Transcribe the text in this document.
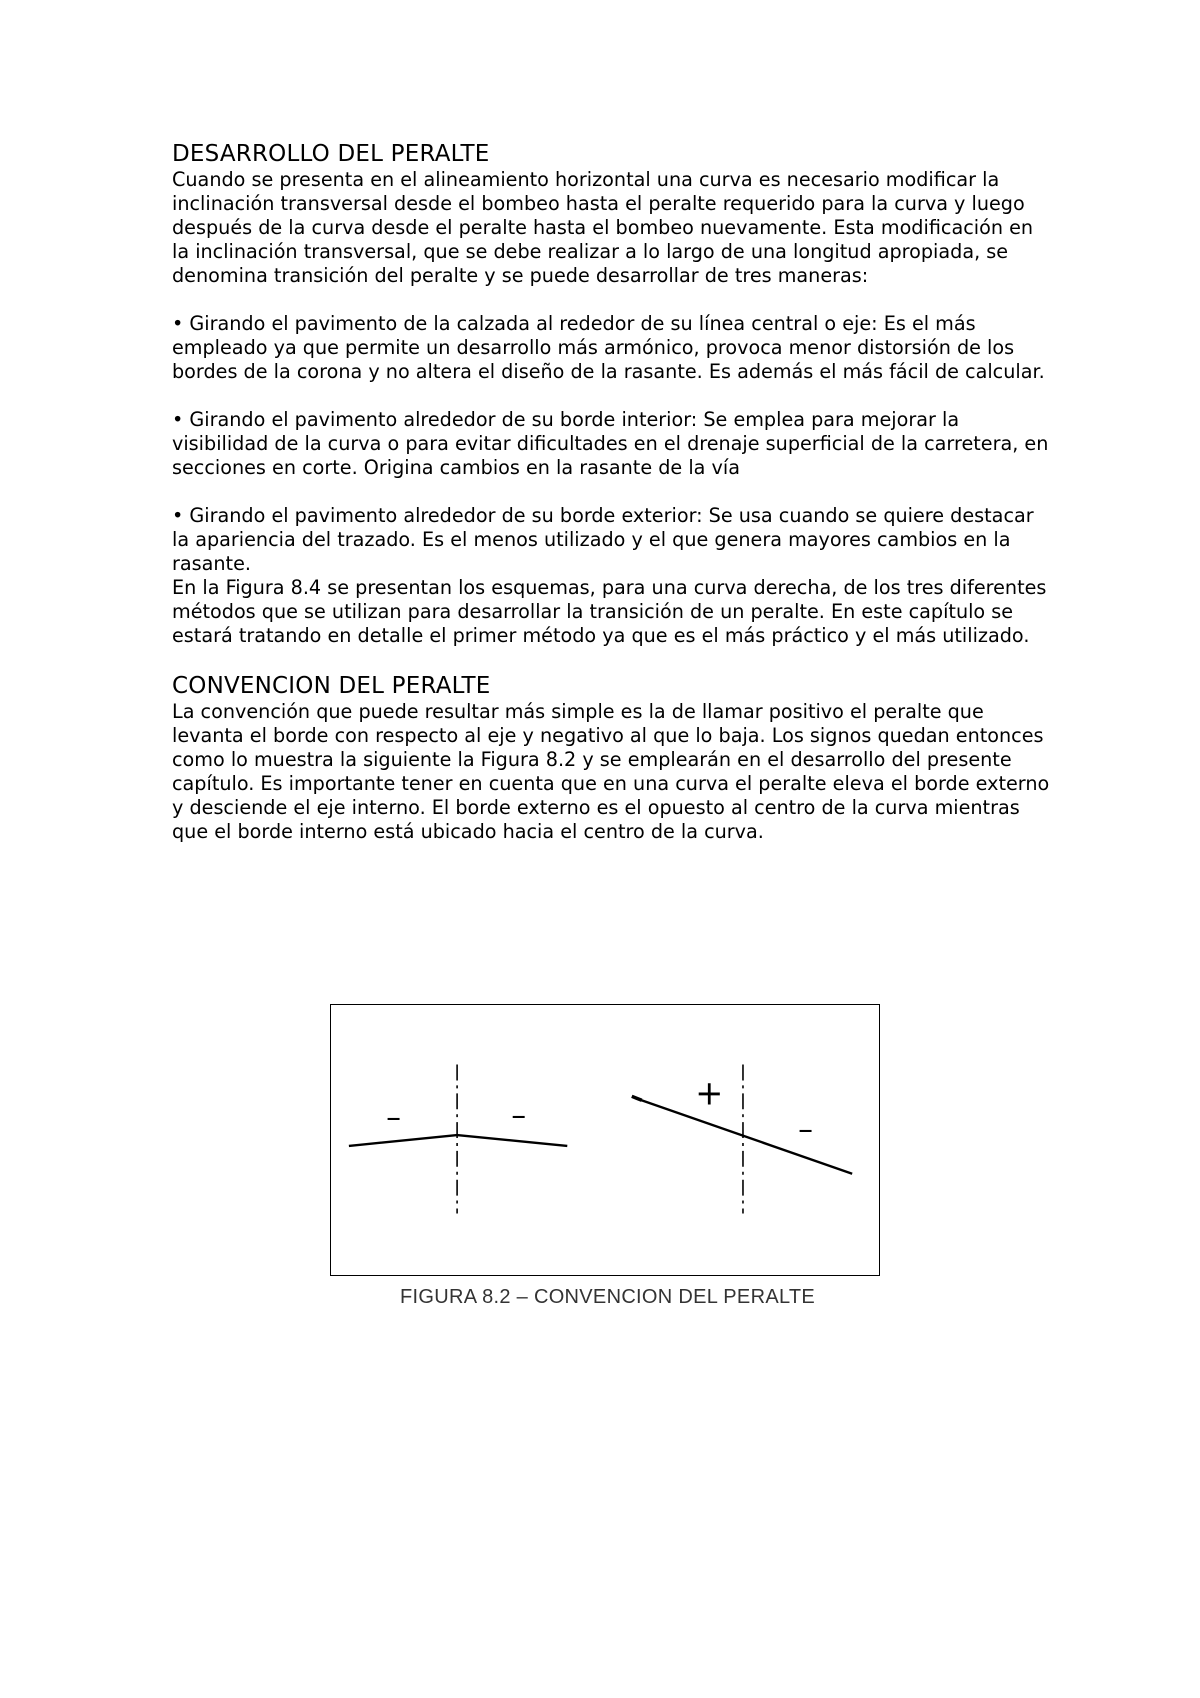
DESARROLLO DEL PERALTE

Cuando se presenta en el alineamiento horizontal una curva es necesario modificar la inclinación transversal desde el bombeo hasta el peralte requerido para la curva y luego después de la curva desde el peralte hasta el bombeo nuevamente. Esta modificación en la inclinación transversal, que se debe realizar a lo largo de una longitud apropiada, se denomina transición del peralte y se puede desarrollar de tres maneras:

• Girando el pavimento de la calzada al rededor de su línea central o eje: Es el más empleado ya que permite un desarrollo más armónico, provoca menor distorsión de los bordes de la corona y no altera el diseño de la rasante. Es además el más fácil de calcular.

• Girando el pavimento alrededor de su borde interior: Se emplea para mejorar la visibilidad de la curva o para evitar dificultades en el drenaje superficial de la carretera, en secciones en corte. Origina cambios en la rasante de la vía

• Girando el pavimento alrededor de su borde exterior: Se usa cuando se quiere destacar la apariencia del trazado. Es el menos utilizado y el que genera mayores cambios en la rasante.

En la Figura 8.4 se presentan los esquemas, para una curva derecha, de los tres diferentes métodos que se utilizan para desarrollar la transición de un peralte. En este capítulo se estará tratando en detalle el primer método ya que es el más práctico y el más utilizado.

CONVENCION DEL PERALTE

La convención que puede resultar más simple es la de llamar positivo el peralte que levanta el borde con respecto al eje y negativo al que lo baja. Los signos quedan entonces como lo muestra la siguiente la Figura 8.2 y se emplearán en el desarrollo del presente capítulo. Es importante tener en cuenta que en una curva el peralte eleva el borde externo y desciende el eje interno. El borde externo es el opuesto al centro de la curva mientras que el borde interno está ubicado hacia el centro de la curva.

–	–
+
–
FIGURA 8.2 – CONVENCION DEL PERALTE
